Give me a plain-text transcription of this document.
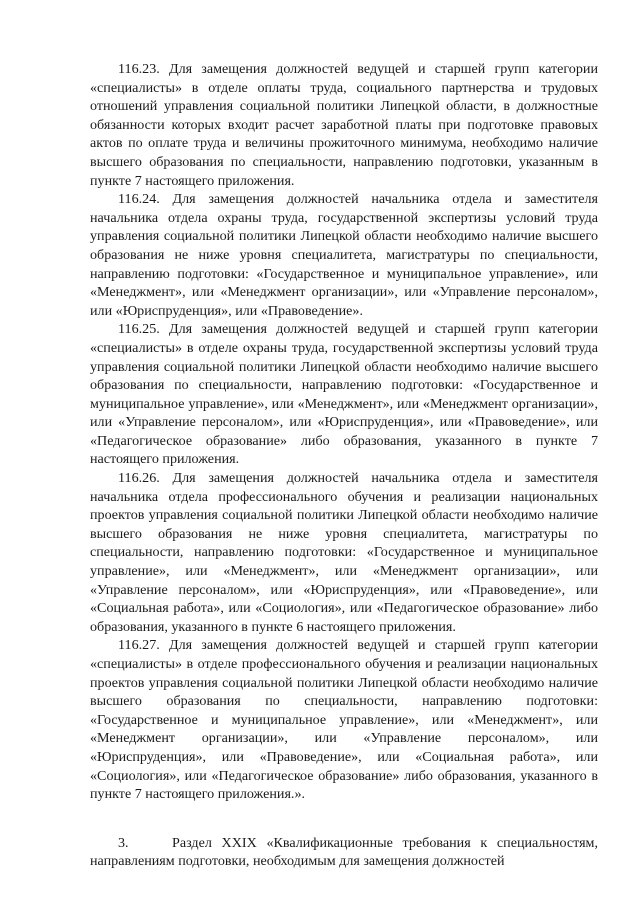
116.23. Для замещения должностей ведущей и старшей групп категории «специалисты» в отделе оплаты труда, социального партнерства и трудовых отношений управления социальной политики Липецкой области, в должностные обязанности которых входит расчет заработной платы при подготовке правовых актов по оплате труда и величины прожиточного минимума, необходимо наличие высшего образования по специальности, направлению подготовки, указанным в пункте 7 настоящего приложения.

116.24. Для замещения должностей начальника отдела и заместителя начальника отдела охраны труда, государственной экспертизы условий труда управления социальной политики Липецкой области необходимо наличие высшего образования не ниже уровня специалитета, магистратуры по специальности, направлению подготовки: «Государственное и муниципальное управление», или «Менеджмент», или «Менеджмент организации», или «Управление персоналом», или «Юриспруденция», или «Правоведение».

116.25. Для замещения должностей ведущей и старшей групп категории «специалисты» в отделе охраны труда, государственной экспертизы условий труда управления социальной политики Липецкой области необходимо наличие высшего образования по специальности, направлению подготовки: «Государственное и муниципальное управление», или «Менеджмент», или «Менеджмент организации», или «Управление персоналом», или «Юриспруденция», или «Правоведение», или «Педагогическое образование» либо образования, указанного в пункте 7 настоящего приложения.

116.26. Для замещения должностей начальника отдела и заместителя начальника отдела профессионального обучения и реализации национальных проектов управления социальной политики Липецкой области необходимо наличие высшего образования не ниже уровня специалитета, магистратуры по специальности, направлению подготовки: «Государственное и муниципальное управление», или «Менеджмент», или «Менеджмент организации», или «Управление персоналом», или «Юриспруденция», или «Правоведение», или «Социальная работа», или «Социология», или «Педагогическое образование» либо образования, указанного в пункте 6 настоящего приложения.

116.27. Для замещения должностей ведущей и старшей групп категории «специалисты» в отделе профессионального обучения и реализации национальных проектов управления социальной политики Липецкой области необходимо наличие высшего образования по специальности, направлению подготовки: «Государственное и муниципальное управление», или «Менеджмент», или «Менеджмент организации», или «Управление персоналом», или «Юриспруденция», или «Правоведение», или «Социальная работа», или «Социология», или «Педагогическое образование» либо образования, указанного в пункте 7 настоящего приложения.».

3.	Раздел XXIX «Квалификационные требования к специальностям, направлениям подготовки, необходимым для замещения должностей
